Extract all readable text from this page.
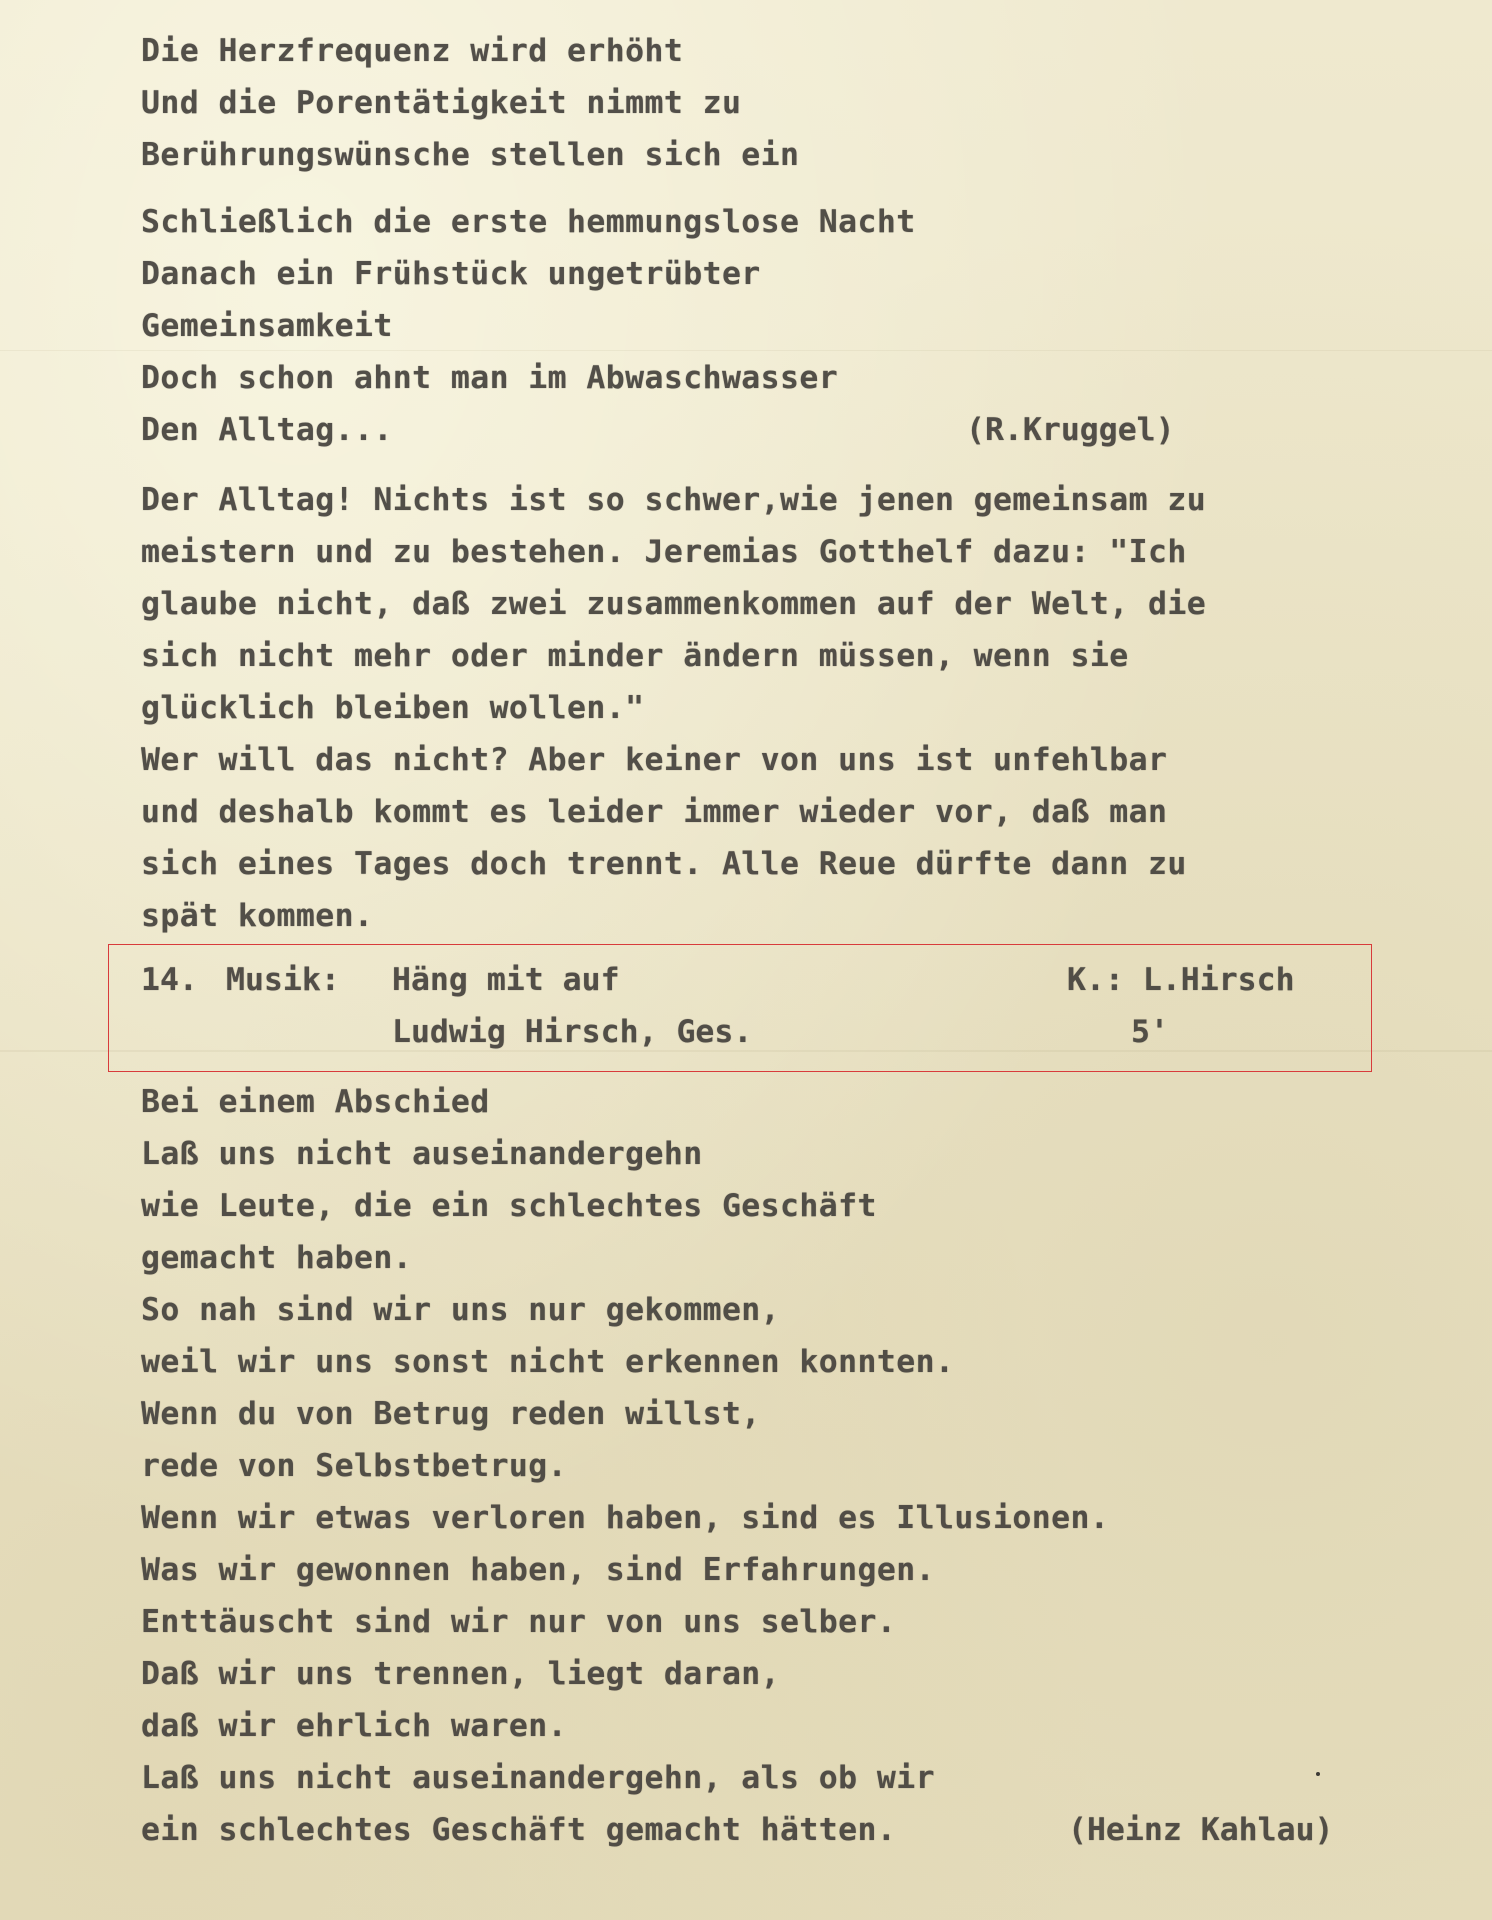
Die Herzfrequenz wird erhöht
Und die Porentätigkeit nimmt zu
Berührungswünsche stellen sich ein
Schließlich die erste hemmungslose Nacht
Danach ein Frühstück ungetrübter
Gemeinsamkeit
Doch schon ahnt man im Abwaschwasser
Den Alltag...	(R.Kruggel)
Der Alltag! Nichts ist so schwer,wie jenen gemeinsam zu
meistern und zu bestehen. Jeremias Gotthelf dazu: "Ich
glaube nicht, daß zwei zusammenkommen auf der Welt, die
sich nicht mehr oder minder ändern müssen, wenn sie
glücklich bleiben wollen."
Wer will das nicht? Aber keiner von uns ist unfehlbar
und deshalb kommt es leider immer wieder vor, daß man
sich eines Tages doch trennt. Alle Reue dürfte dann zu
spät kommen.
14. Musik: Häng mit auf	K.: L.Hirsch
Ludwig Hirsch, Ges.	5'
Bei einem Abschied
Laß uns nicht auseinandergehn
wie Leute, die ein schlechtes Geschäft
gemacht haben.
So nah sind wir uns nur gekommen,
weil wir uns sonst nicht erkennen konnten.
Wenn du von Betrug reden willst,
rede von Selbstbetrug.
Wenn wir etwas verloren haben, sind es Illusionen.
Was wir gewonnen haben, sind Erfahrungen.
Enttäuscht sind wir nur von uns selber.
Daß wir uns trennen, liegt daran,
daß wir ehrlich waren.
Laß uns nicht auseinandergehn, als ob wir
ein schlechtes Geschäft gemacht hätten.	(Heinz Kahlau)
